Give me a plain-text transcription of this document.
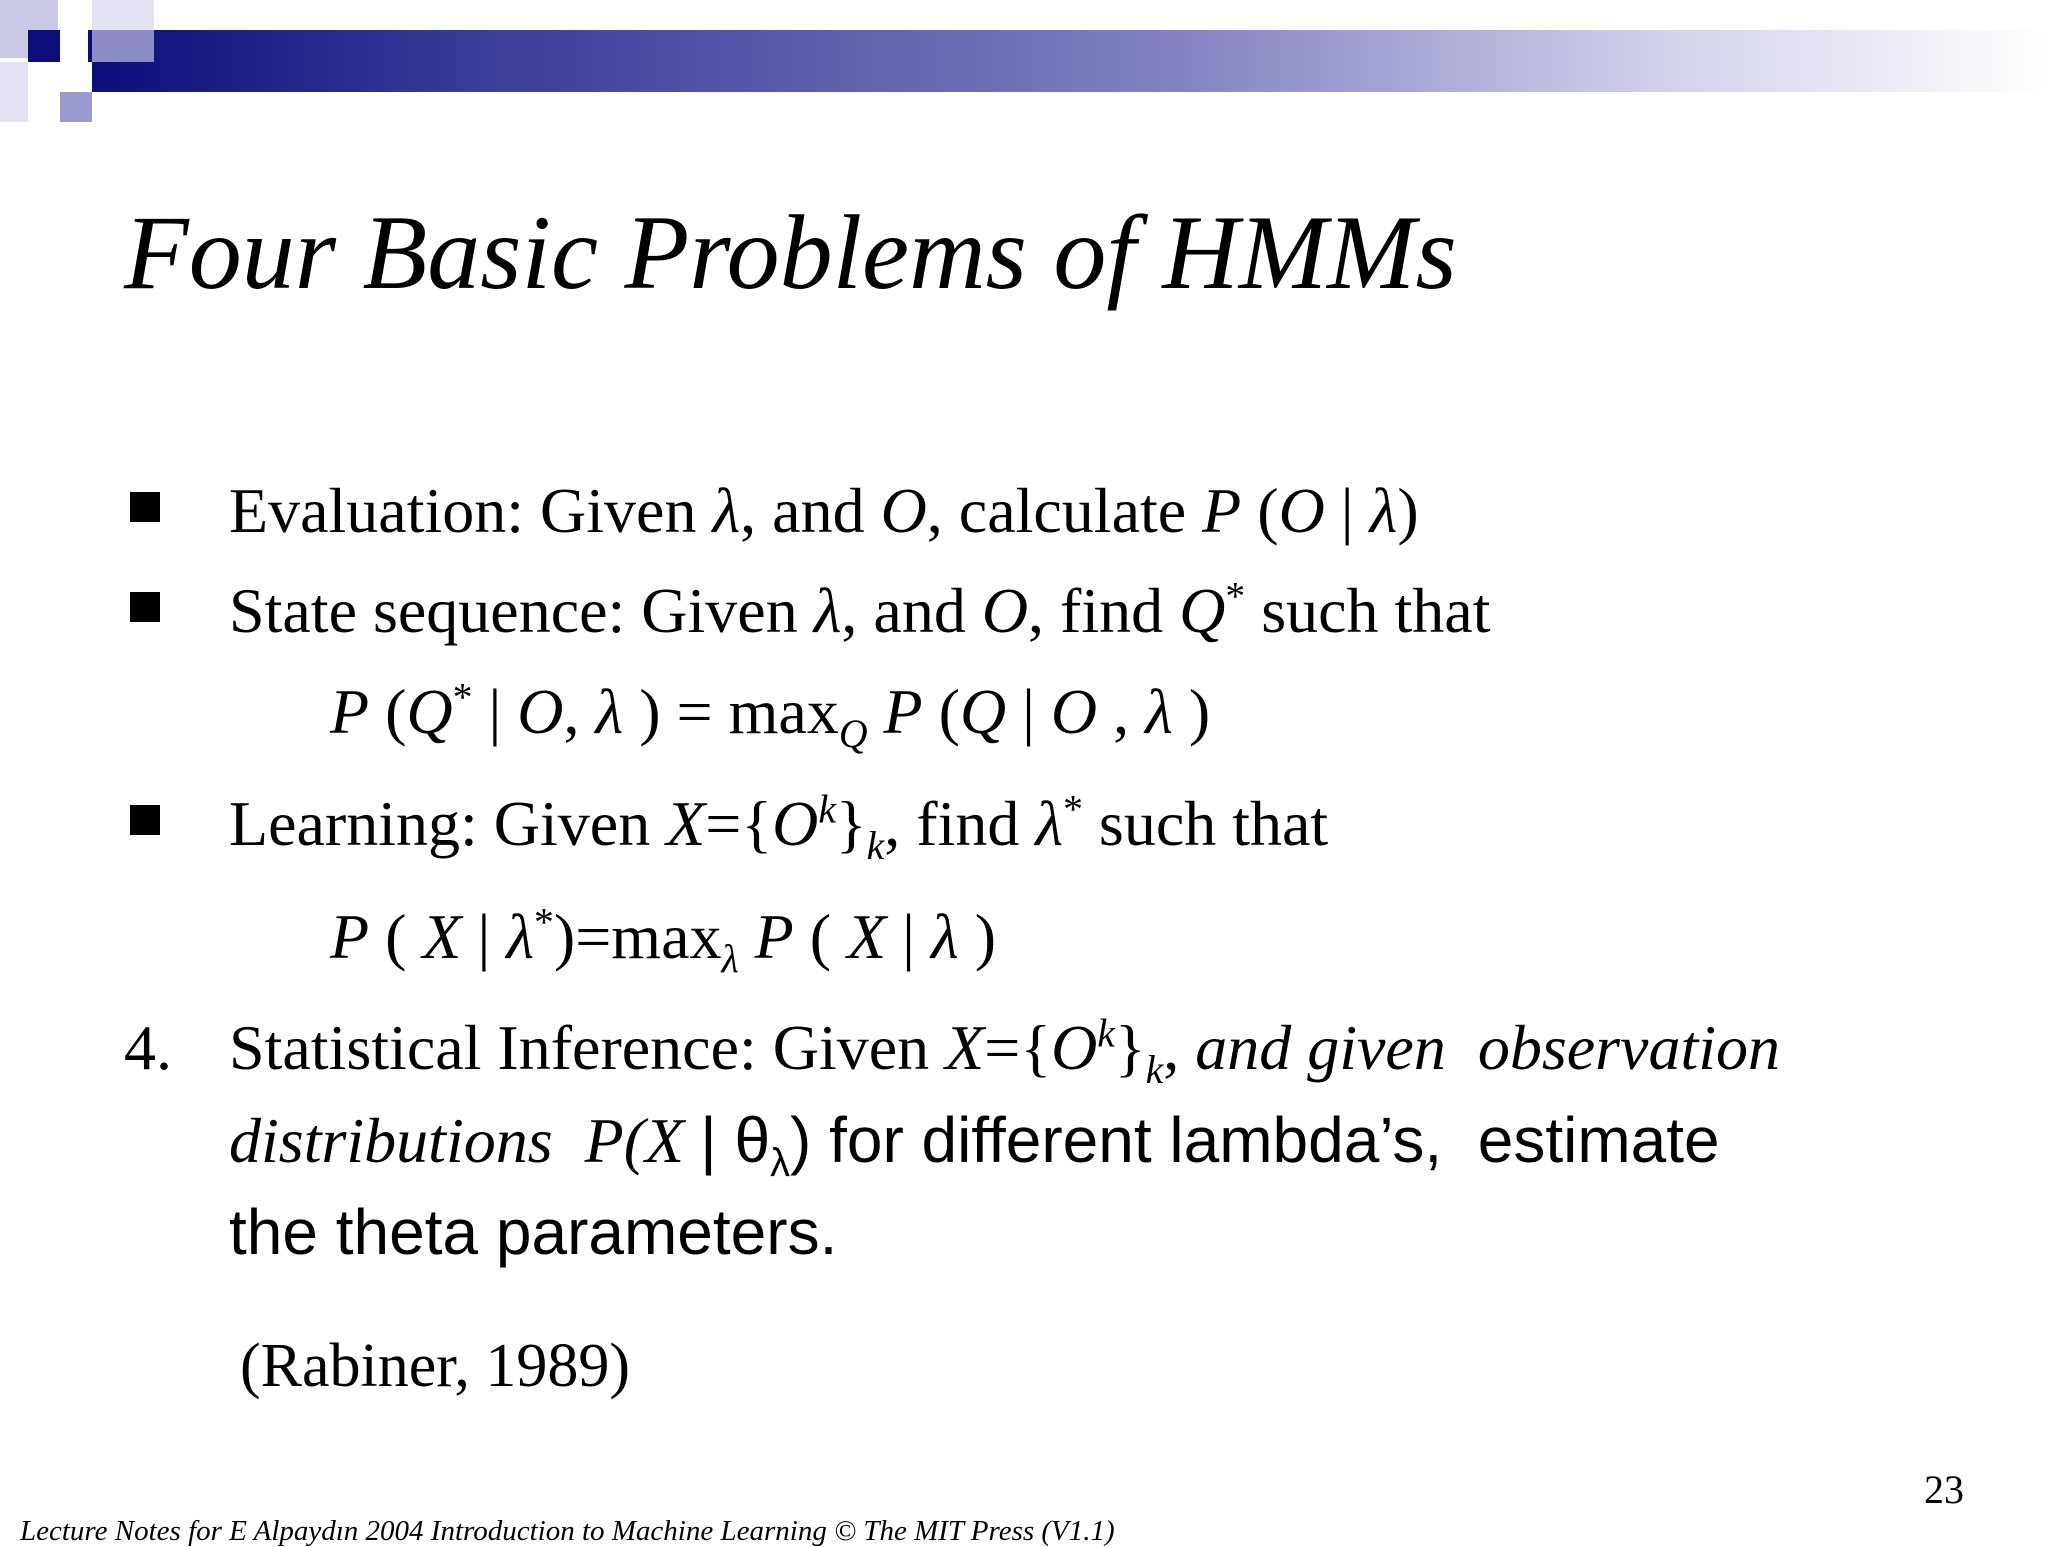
Four Basic Problems of HMMs
Evaluation: Given λ, and O, calculate P (O | λ)
State sequence: Given λ, and O, find Q* such that
P (Q* | O, λ ) = $\max_Q P$ (Q | O , λ )
Learning: Given $X=\{O^k\}_k$, find λ* such that
P ( X | $\lambda^*)=\max_\lambda$ P ( X | λ )
4. Statistical Inference: Given $X=\{O^k\}_k$, and given  observation
distributions  P(X | $\theta_\lambda$) for different lambda’s,  estimate
the theta parameters.
(Rabiner, 1989)
23
Lecture Notes for E Alpaydın 2004 Introduction to Machine Learning © The MIT Press (V1.1)
